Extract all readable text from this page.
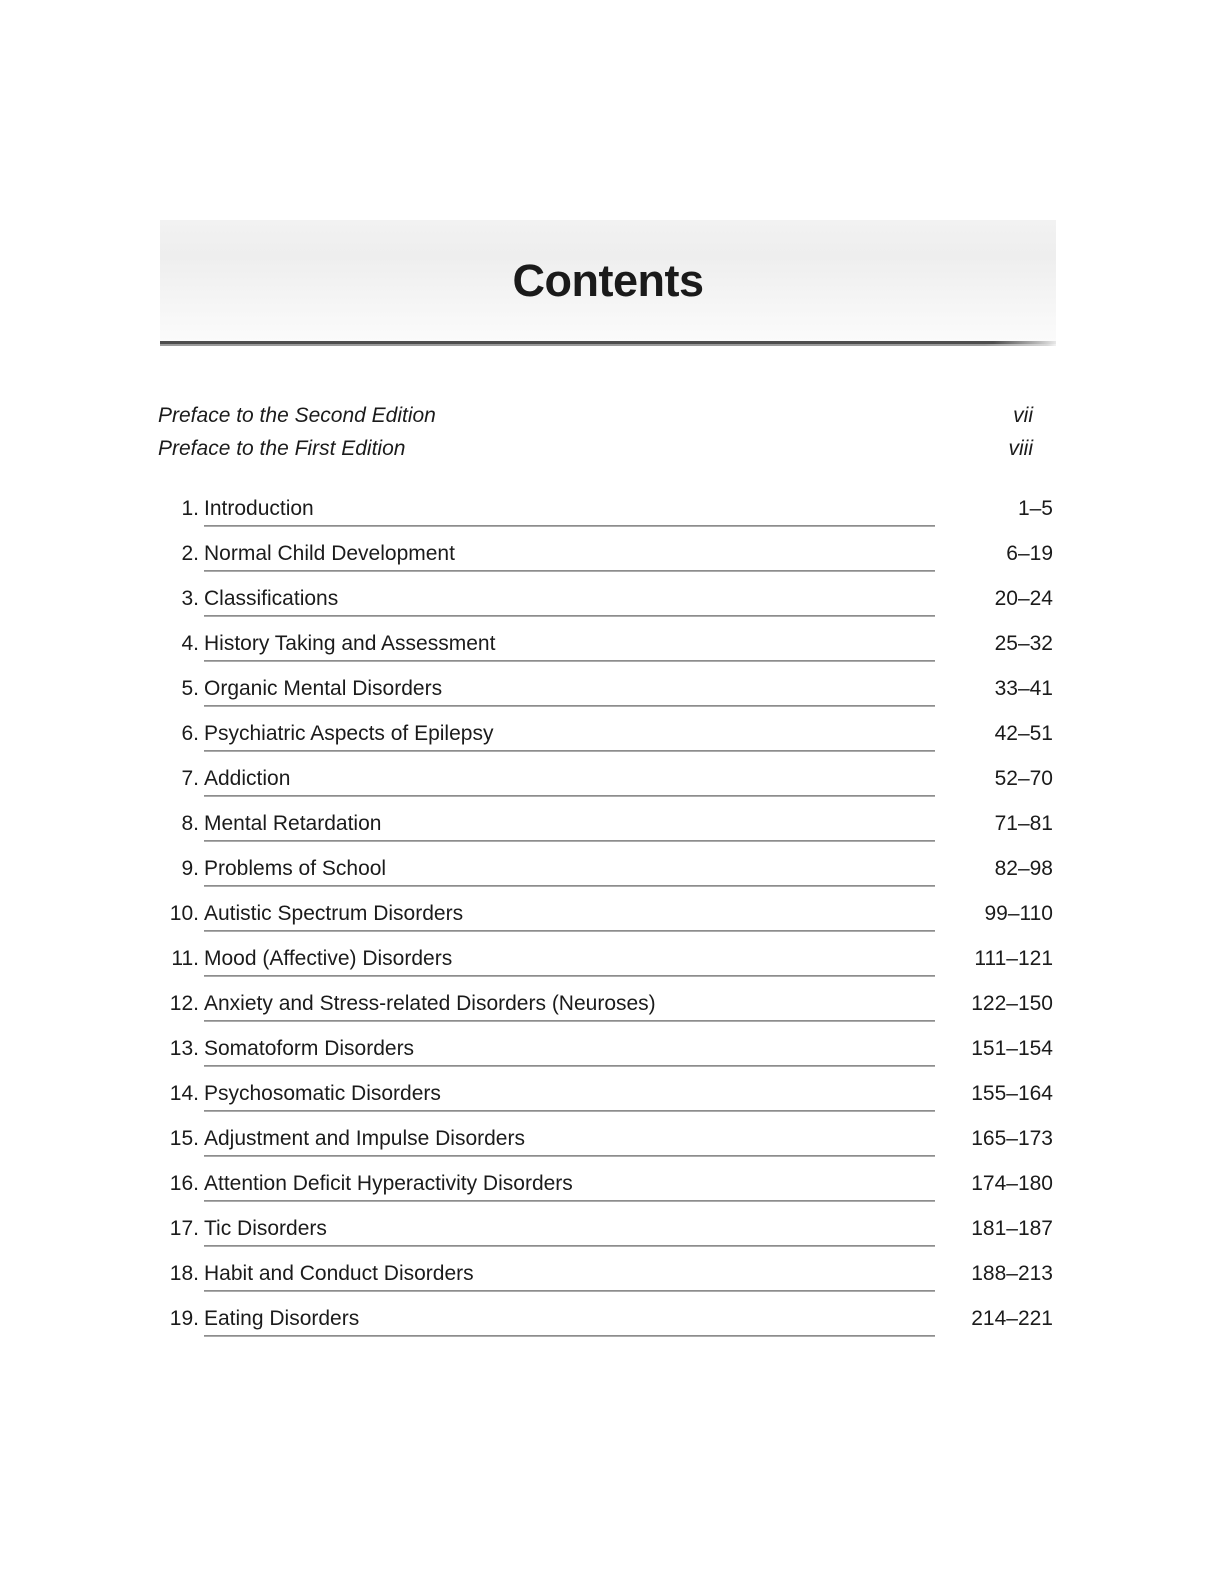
Contents
Preface to the Second Edition	vii
Preface to the First Edition	viii
1. Introduction	1–5
2. Normal Child Development	6–19
3. Classifications	20–24
4. History Taking and Assessment	25–32
5. Organic Mental Disorders	33–41
6. Psychiatric Aspects of Epilepsy	42–51
7. Addiction	52–70
8. Mental Retardation	71–81
9. Problems of School	82–98
10. Autistic Spectrum Disorders	99–110
11. Mood (Affective) Disorders	111–121
12. Anxiety and Stress-related Disorders (Neuroses)	122–150
13. Somatoform Disorders	151–154
14. Psychosomatic Disorders	155–164
15. Adjustment and Impulse Disorders	165–173
16. Attention Deficit Hyperactivity Disorders	174–180
17. Tic Disorders	181–187
18. Habit and Conduct Disorders	188–213
19. Eating Disorders	214–221
